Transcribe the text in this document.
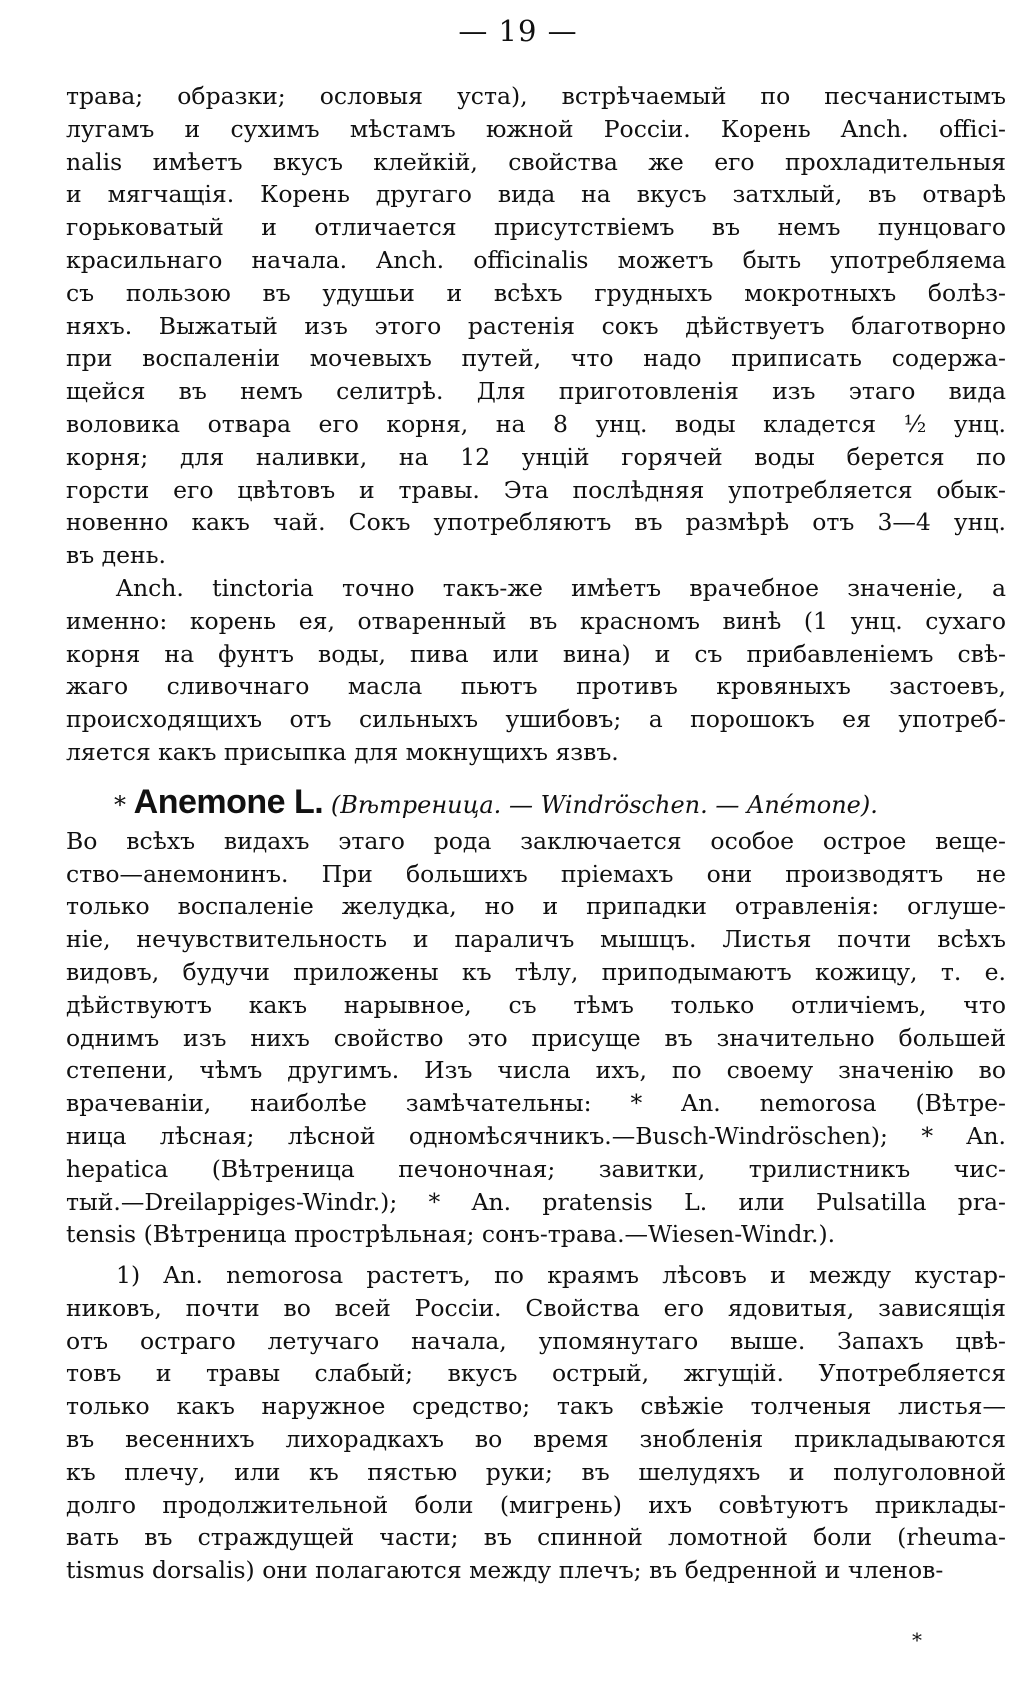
— 19 —
трава; образки; ословыя уста), встрѣчаемый по песчанистымъ
лугамъ и сухимъ мѣстамъ южной Россіи. Корень Anch. offici-
nalis имѣетъ вкусъ клейкій, свойства же его прохладительныя
и мягчащія. Корень другаго вида на вкусъ затхлый, въ отварѣ
горьковатый и отличается присутствіемъ въ немъ пунцоваго
красильнаго начала. Anch. officinalis можетъ быть употребляема
съ пользою въ удушьи и всѣхъ грудныхъ мокротныхъ болѣз-
няхъ. Выжатый изъ этого растенія сокъ дѣйствуетъ благотворно
при воспаленіи мочевыхъ путей, что надо приписать содержа-
щейся въ немъ селитрѣ. Для приготовленія изъ этаго вида
воловика отвара его корня, на 8 унц. воды кладется ½ унц.
корня; для наливки, на 12 унцій горячей воды берется по
горсти его цвѣтовъ и травы. Эта послѣдняя употребляется обык-
новенно какъ чай. Сокъ употребляютъ въ размѣрѣ отъ 3—4 унц.
въ день.
Anch. tinctoria точно такъ-же имѣетъ врачебное значеніе, а
именно: корень ея, отваренный въ красномъ винѣ (1 унц. сухаго
корня на фунтъ воды, пива или вина) и съ прибавленіемъ свѣ-
жаго сливочнаго масла пьютъ противъ кровяныхъ застоевъ,
происходящихъ отъ сильныхъ ушибовъ; а порошокъ ея употреб-
ляется какъ присыпка для мокнущихъ язвъ.
* Anemone L. (Вѣтреница. — Windröschen. — Anémone).
Во всѣхъ видахъ этаго рода заключается особое острое веще-
ство—анемонинъ. При большихъ пріемахъ они производятъ не
только воспаленіе желудка, но и припадки отравленія: оглуше-
ніе, нечувствительность и параличъ мышцъ. Листья почти всѣхъ
видовъ, будучи приложены къ тѣлу, приподымаютъ кожицу, т. е.
дѣйствуютъ какъ нарывное, съ тѣмъ только отличіемъ, что
однимъ изъ нихъ свойство это присуще въ значительно большей
степени, чѣмъ другимъ. Изъ числа ихъ, по своему значенію во
врачеваніи, наиболѣе замѣчательны: * An. nemorosa (Вѣтре-
ница лѣсная; лѣсной одномѣсячникъ.—Busch-Windröschen); * An.
hepatica (Вѣтреница печоночная; завитки, трилистникъ чис-
тый.—Dreilappiges-Windr.); * An. pratensis L. или Pulsatilla pra-
tensis (Вѣтреница прострѣльная; сонъ-трава.—Wiesen-Windr.).
1) An. nemorosa растетъ, по краямъ лѣсовъ и между кустар-
никовъ, почти во всей Россіи. Свойства его ядовитыя, зависящія
отъ остраго летучаго начала, упомянутаго выше. Запахъ цвѣ-
товъ и травы слабый; вкусъ острый, жгущій. Употребляется
только какъ наружное средство; такъ свѣжіе толченыя листья—
въ весеннихъ лихорадкахъ во время знобленія прикладываются
къ плечу, или къ пястью руки; въ шелудяхъ и полуголовной
долго продолжительной боли (мигрень) ихъ совѣтуютъ приклады-
вать въ страждущей части; въ спинной ломотной боли (rheuma-
tismus dorsalis) они полагаются между плечъ; въ бедренной и членов-
*
